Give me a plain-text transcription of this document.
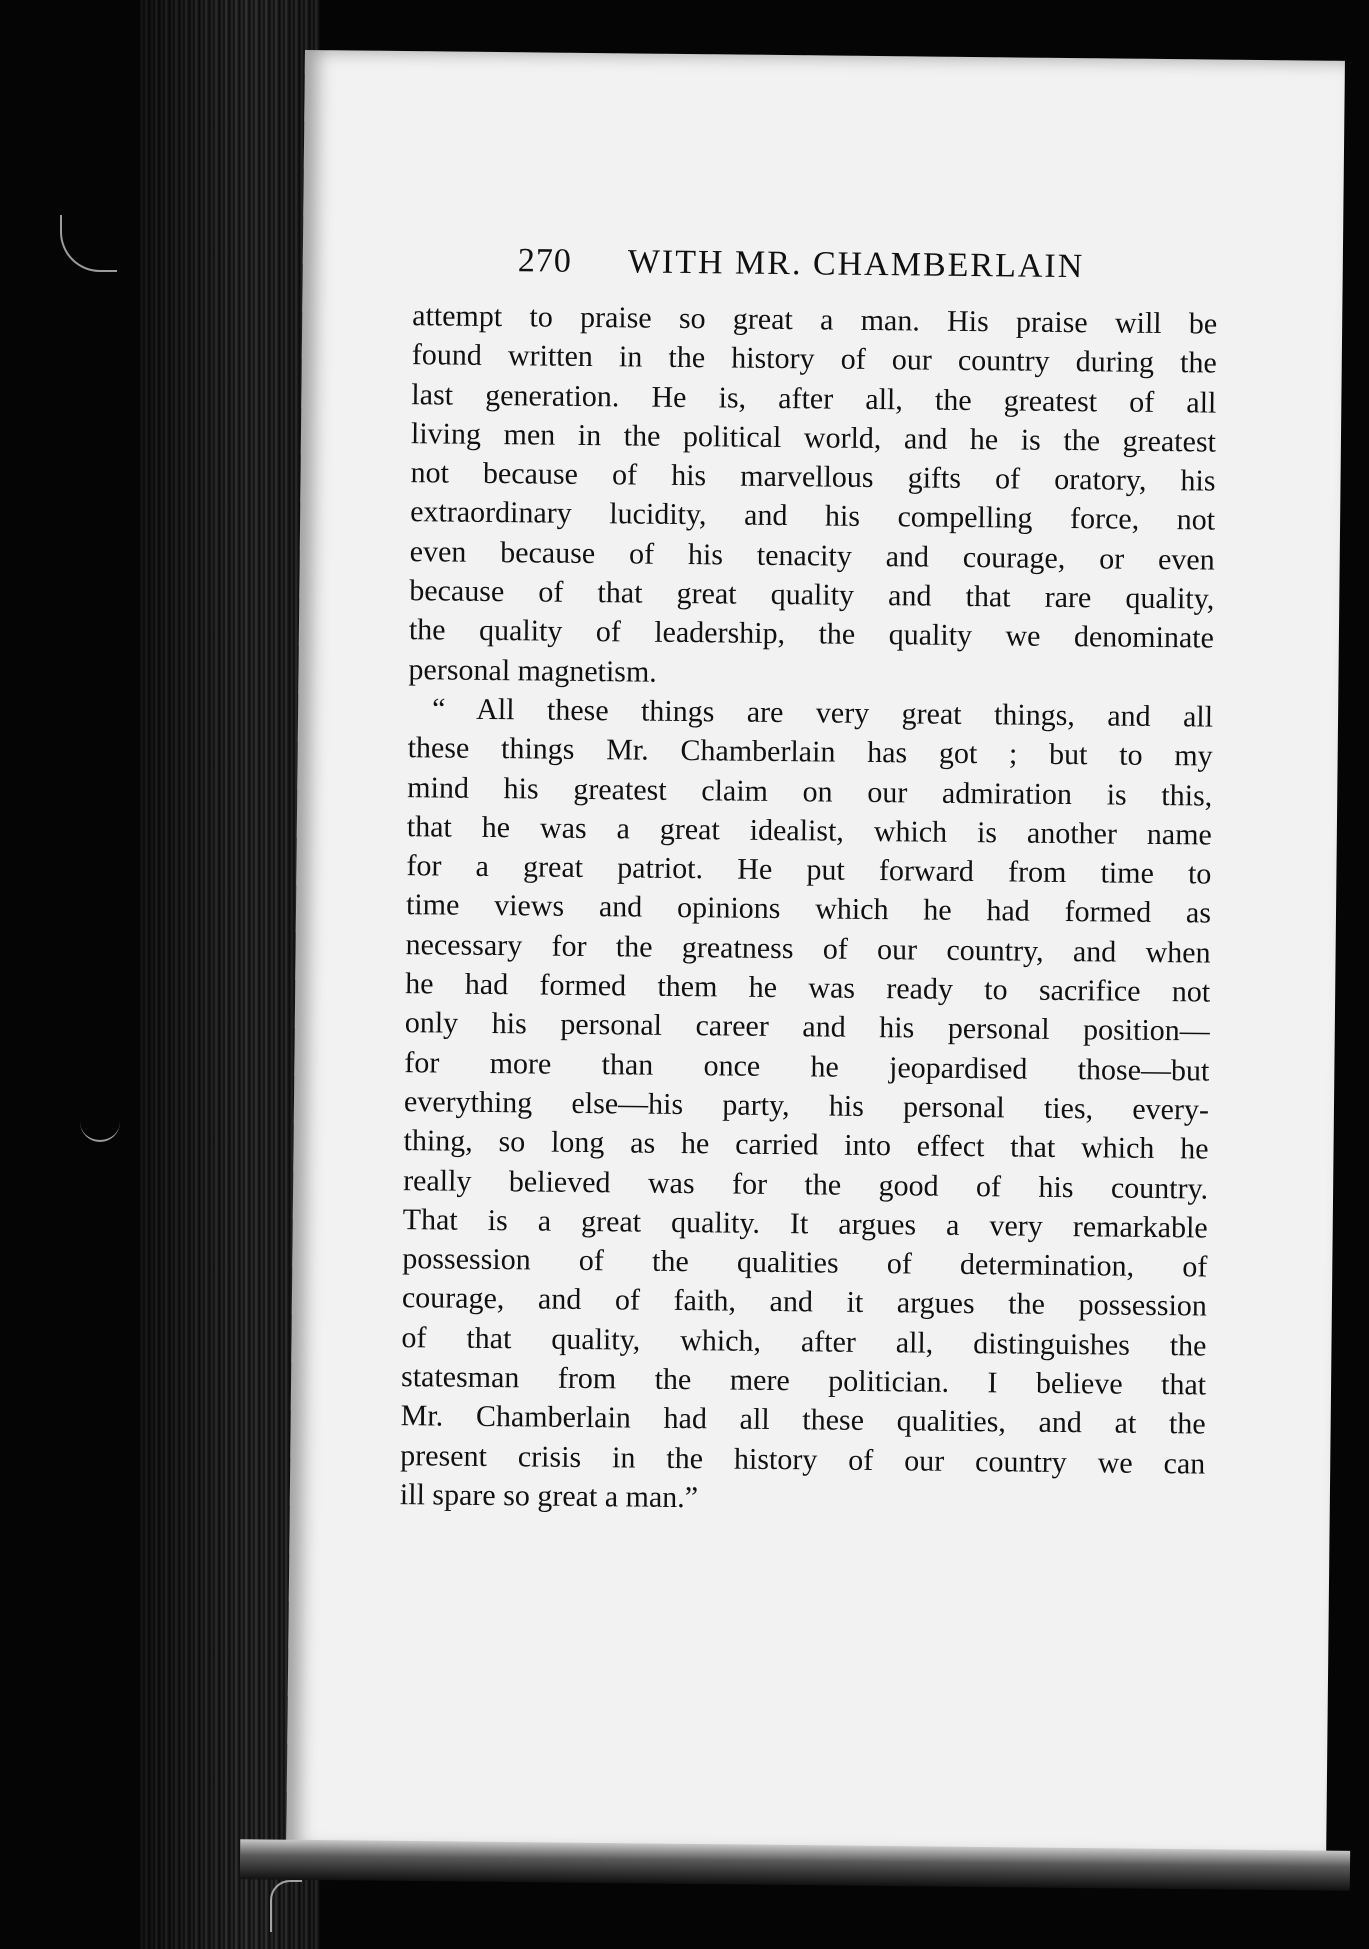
270 WITH MR. CHAMBERLAIN
attempt to praise so great a man. His praise will be
found written in the history of our country during the
last generation. He is, after all, the greatest of all
living men in the political world, and he is the greatest
not because of his marvellous gifts of oratory, his
extraordinary lucidity, and his compelling force, not
even because of his tenacity and courage, or even
because of that great quality and that rare quality,
the quality of leadership, the quality we denominate
personal magnetism.
“ All these things are very great things, and all
these things Mr. Chamberlain has got ; but to my
mind his greatest claim on our admiration is this,
that he was a great idealist, which is another name
for a great patriot. He put forward from time to
time views and opinions which he had formed as
necessary for the greatness of our country, and when
he had formed them he was ready to sacrifice not
only his personal career and his personal position—
for more than once he jeopardised those—but
everything else—his party, his personal ties, every-
thing, so long as he carried into effect that which he
really believed was for the good of his country.
That is a great quality. It argues a very remarkable
possession of the qualities of determination, of
courage, and of faith, and it argues the possession
of that quality, which, after all, distinguishes the
statesman from the mere politician. I believe that
Mr. Chamberlain had all these qualities, and at the
present crisis in the history of our country we can
ill spare so great a man.”
